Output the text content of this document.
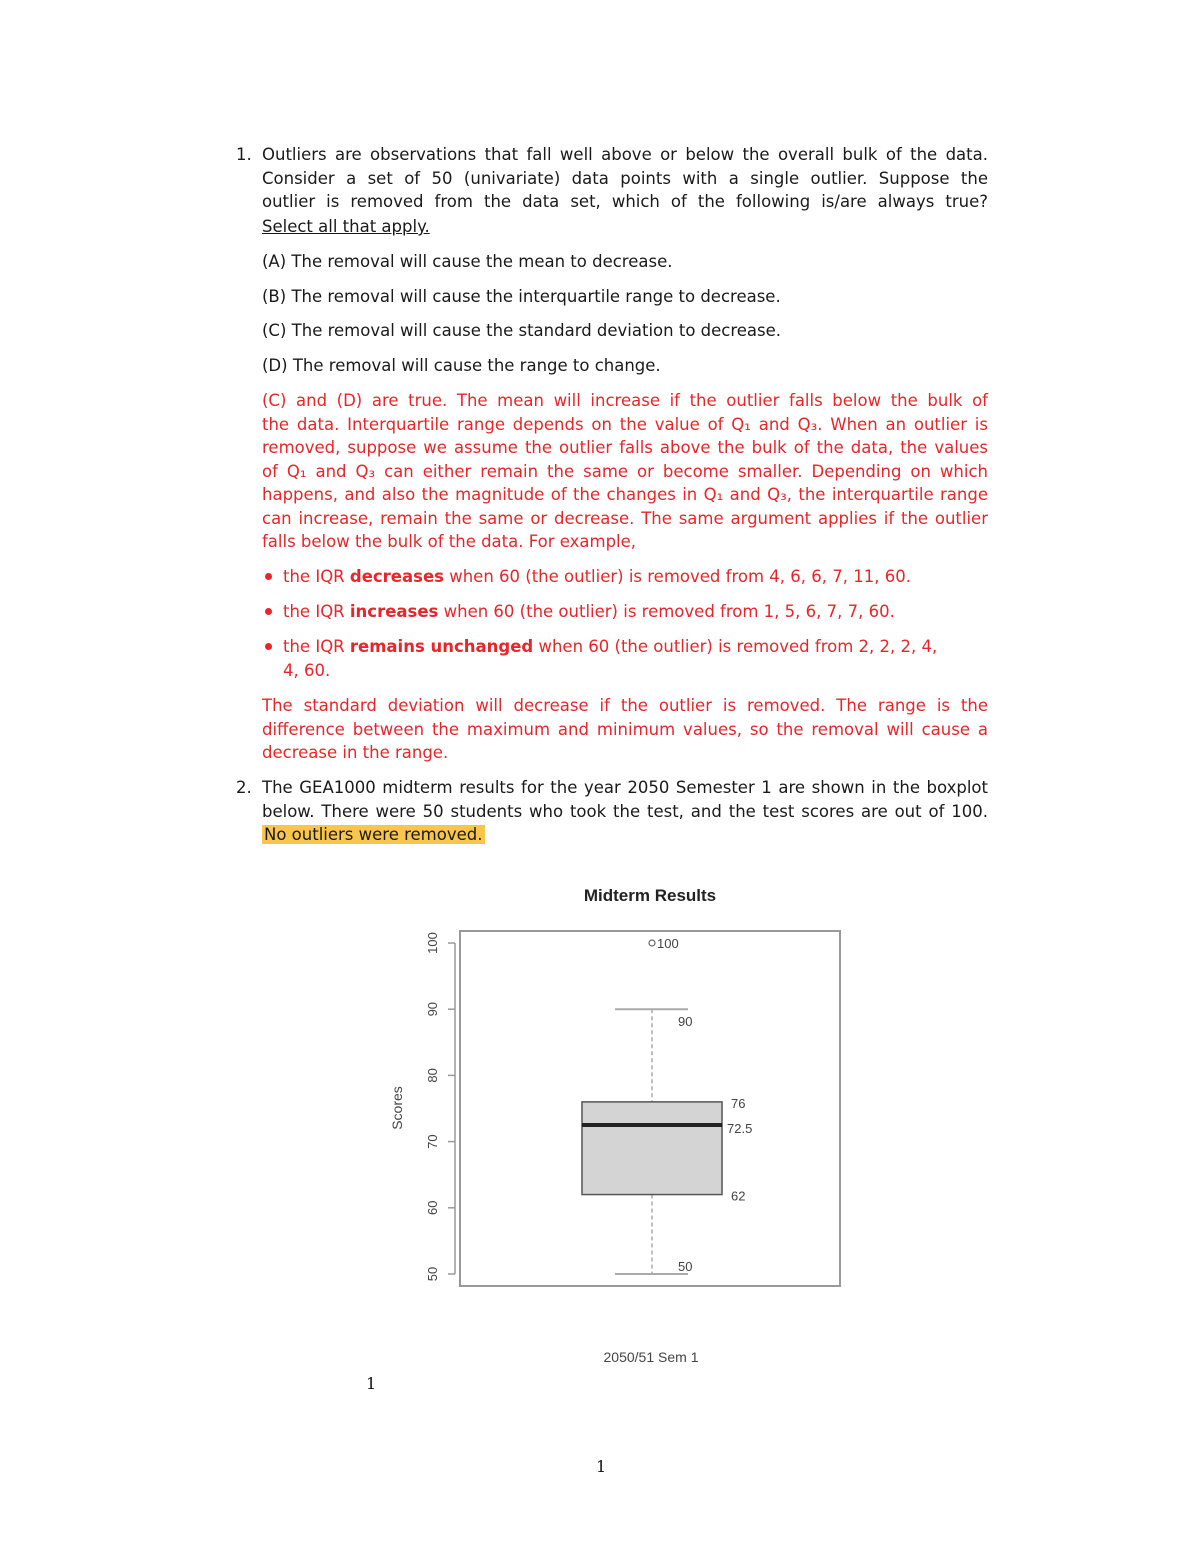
1. Outliers are observations that fall well above or below the overall bulk of the data.
Consider a set of 50 (univariate) data points with a single outlier. Suppose the
outlier is removed from the data set, which of the following is/are always true?
Select all that apply.
(A) The removal will cause the mean to decrease.
(B) The removal will cause the interquartile range to decrease.
(C) The removal will cause the standard deviation to decrease.
(D) The removal will cause the range to change.
(C) and (D) are true. The mean will increase if the outlier falls below the bulk of
the data. Interquartile range depends on the value of Q₁ and Q₃. When an outlier is
removed, suppose we assume the outlier falls above the bulk of the data, the values
of Q₁ and Q₃ can either remain the same or become smaller. Depending on which
happens, and also the magnitude of the changes in Q₁ and Q₃, the interquartile range
can increase, remain the same or decrease. The same argument applies if the outlier
falls below the bulk of the data. For example,
the IQR decreases when 60 (the outlier) is removed from 4, 6, 6, 7, 11, 60.
the IQR increases when 60 (the outlier) is removed from 1, 5, 6, 7, 7, 60.
the IQR remains unchanged when 60 (the outlier) is removed from 2, 2, 2, 4,
4, 60.
The standard deviation will decrease if the outlier is removed. The range is the
difference between the maximum and minimum values, so the removal will cause a
decrease in the range.
2. The GEA1000 midterm results for the year 2050 Semester 1 are shown in the boxplot
below. There were 50 students who took the test, and the test scores are out of 100.
No outliers were removed.
Midterm Results
Scores
2050/51 Sem 1
50
60
70
80
90
100	100
90
76
72.5
62
50
1
1
